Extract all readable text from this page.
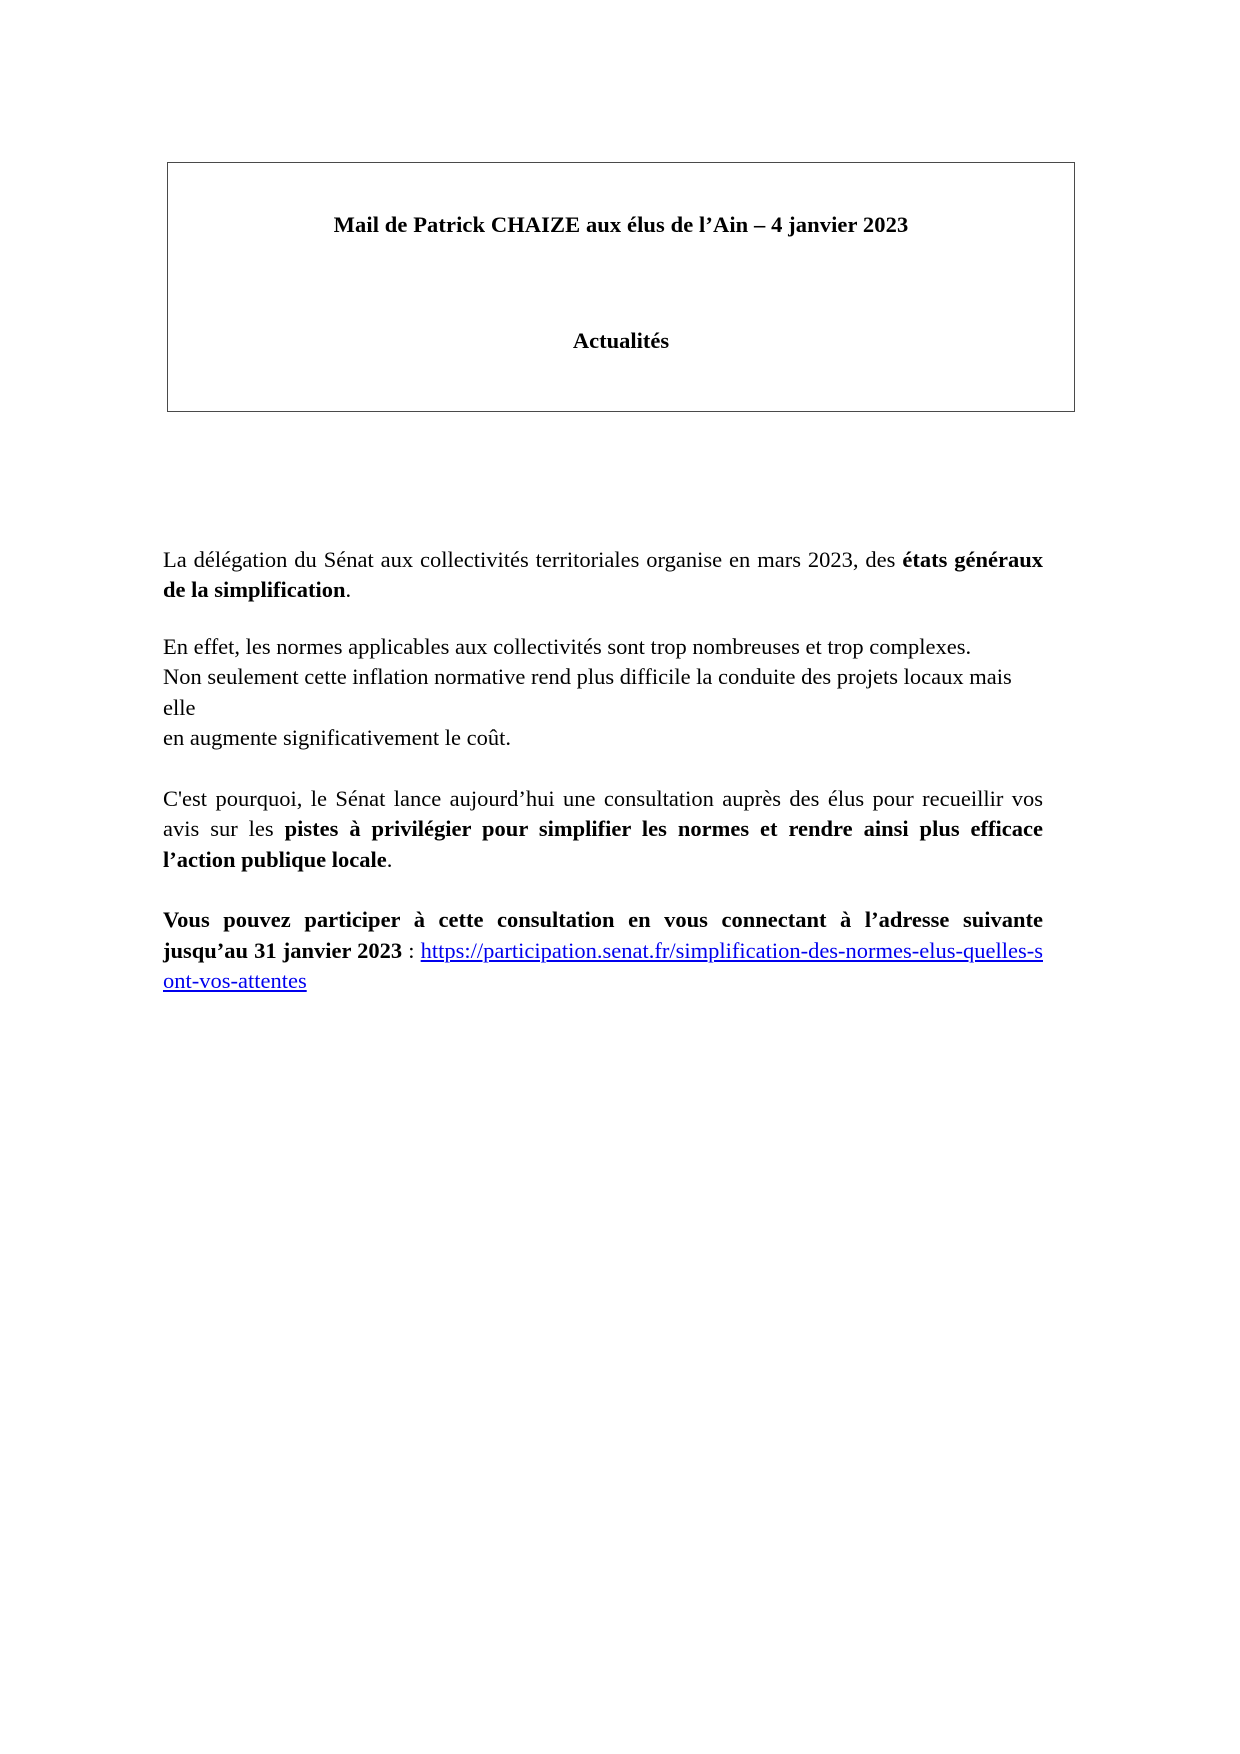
Mail de Patrick CHAIZE aux élus de l’Ain – 4 janvier 2023
Actualités

La délégation du Sénat aux collectivités territoriales organise en mars 2023, des états généraux de la simplification.

En effet, les normes applicables aux collectivités sont trop nombreuses et trop complexes.
Non seulement cette inflation normative rend plus difficile la conduite des projets locaux mais elle
en augmente significativement le coût.

C'est pourquoi, le Sénat lance aujourd’hui une consultation auprès des élus pour recueillir vos avis sur les pistes à privilégier pour simplifier les normes et rendre ainsi plus efficace l’action publique locale.

Vous pouvez participer à cette consultation en vous connectant à l’adresse suivante jusqu’au 31 janvier 2023 : https://participation.senat.fr/simplification-des-normes-elus-quelles-sont-vos-attentes
